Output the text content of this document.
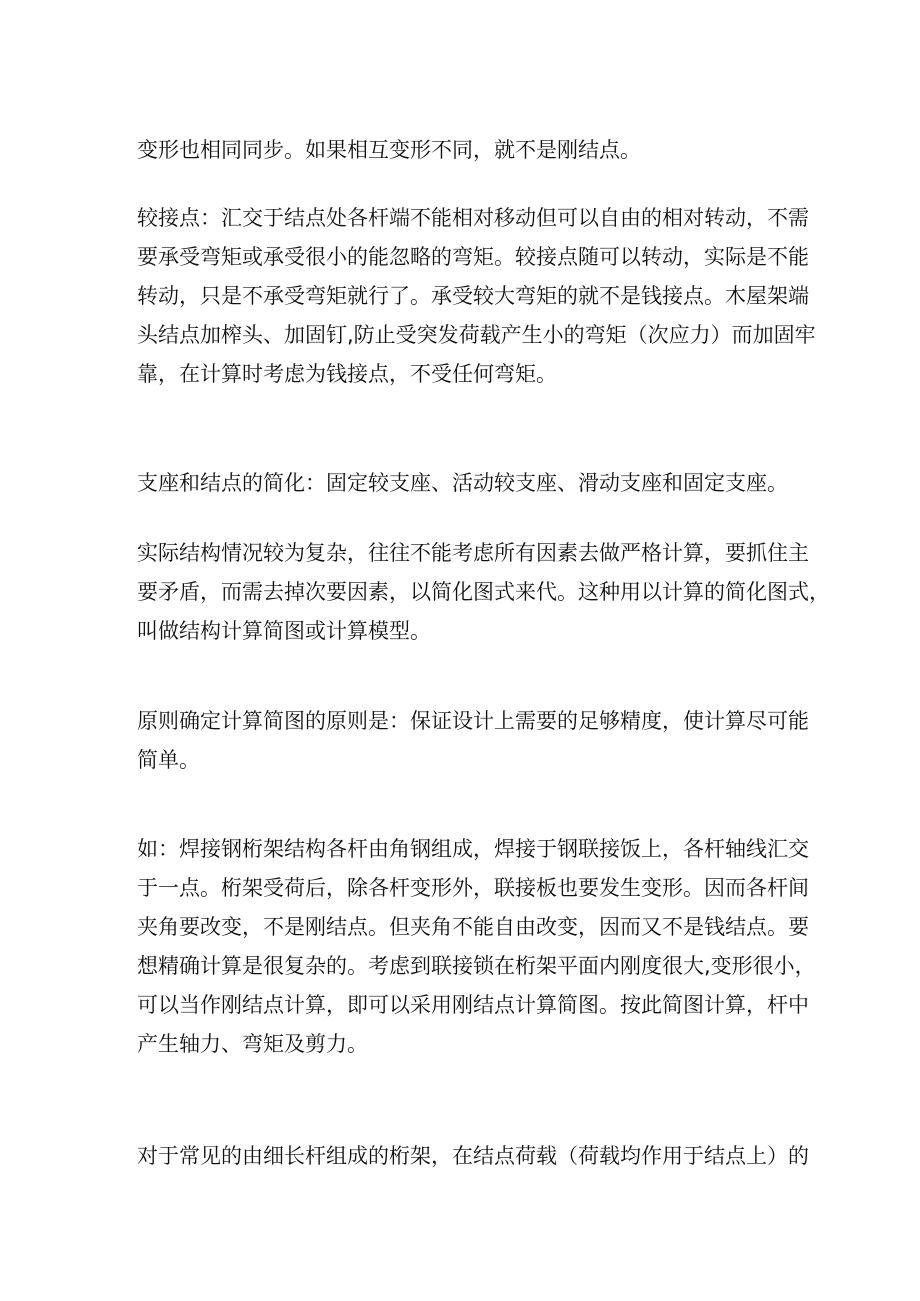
变形也相同同步。如果相互变形不同，就不是刚结点。

较接点：汇交于结点处各杆端不能相对移动但可以自由的相对转动，不需
要承受弯矩或承受很小的能忽略的弯矩。较接点随可以转动，实际是不能
转动，只是不承受弯矩就行了。承受较大弯矩的就不是钱接点。木屋架端
头结点加榨头、加固钉,防止受突发荷载产生小的弯矩（次应力）而加固牢
靠，在计算时考虑为钱接点，不受任何弯矩。

支座和结点的简化：固定较支座、活动较支座、滑动支座和固定支座。

实际结构情况较为复杂，往往不能考虑所有因素去做严格计算，要抓住主
要矛盾，而需去掉次要因素，以简化图式来代。这种用以计算的简化图式，
叫做结构计算简图或计算模型。

原则确定计算简图的原则是：保证设计上需要的足够精度，使计算尽可能
简单。

如：焊接钢桁架结构各杆由角钢组成，焊接于钢联接饭上，各杆轴线汇交
于一点。桁架受荷后，除各杆变形外，联接板也要发生变形。因而各杆间
夹角要改变，不是刚结点。但夹角不能自由改变，因而又不是钱结点。要
想精确计算是很复杂的。考虑到联接锁在桁架平面内刚度很大,变形很小，
可以当作刚结点计算，即可以采用刚结点计算简图。按此简图计算，杆中
产生轴力、弯矩及剪力。

对于常见的由细长杆组成的桁架，在结点荷载（荷载均作用于结点上）的
